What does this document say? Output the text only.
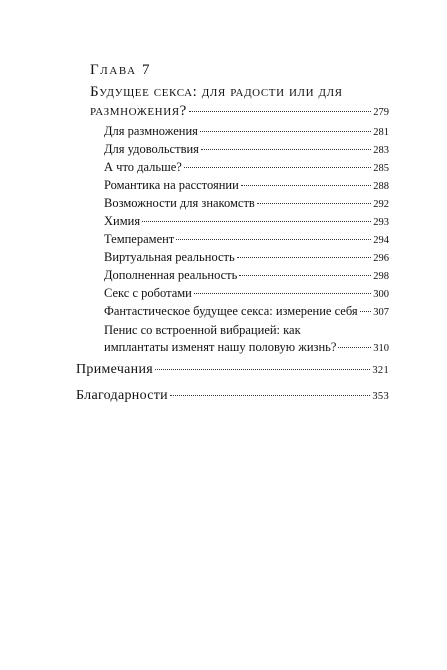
Глава 7
Будущее секса: для радости или для
размножения?	279
Для размножения	281
Для удовольствия	283
А что дальше?	285
Романтика на расстоянии	288
Возможности для знакомств	292
Химия	293
Темперамент	294
Виртуальная реальность	296
Дополненная реальность	298
Секс с роботами	300
Фантастическое будущее секса: измерение себя 307
Пенис со встроенной вибрацией: как
имплантаты изменят нашу половую жизнь?	310
Примечания	321
Благодарности	353
